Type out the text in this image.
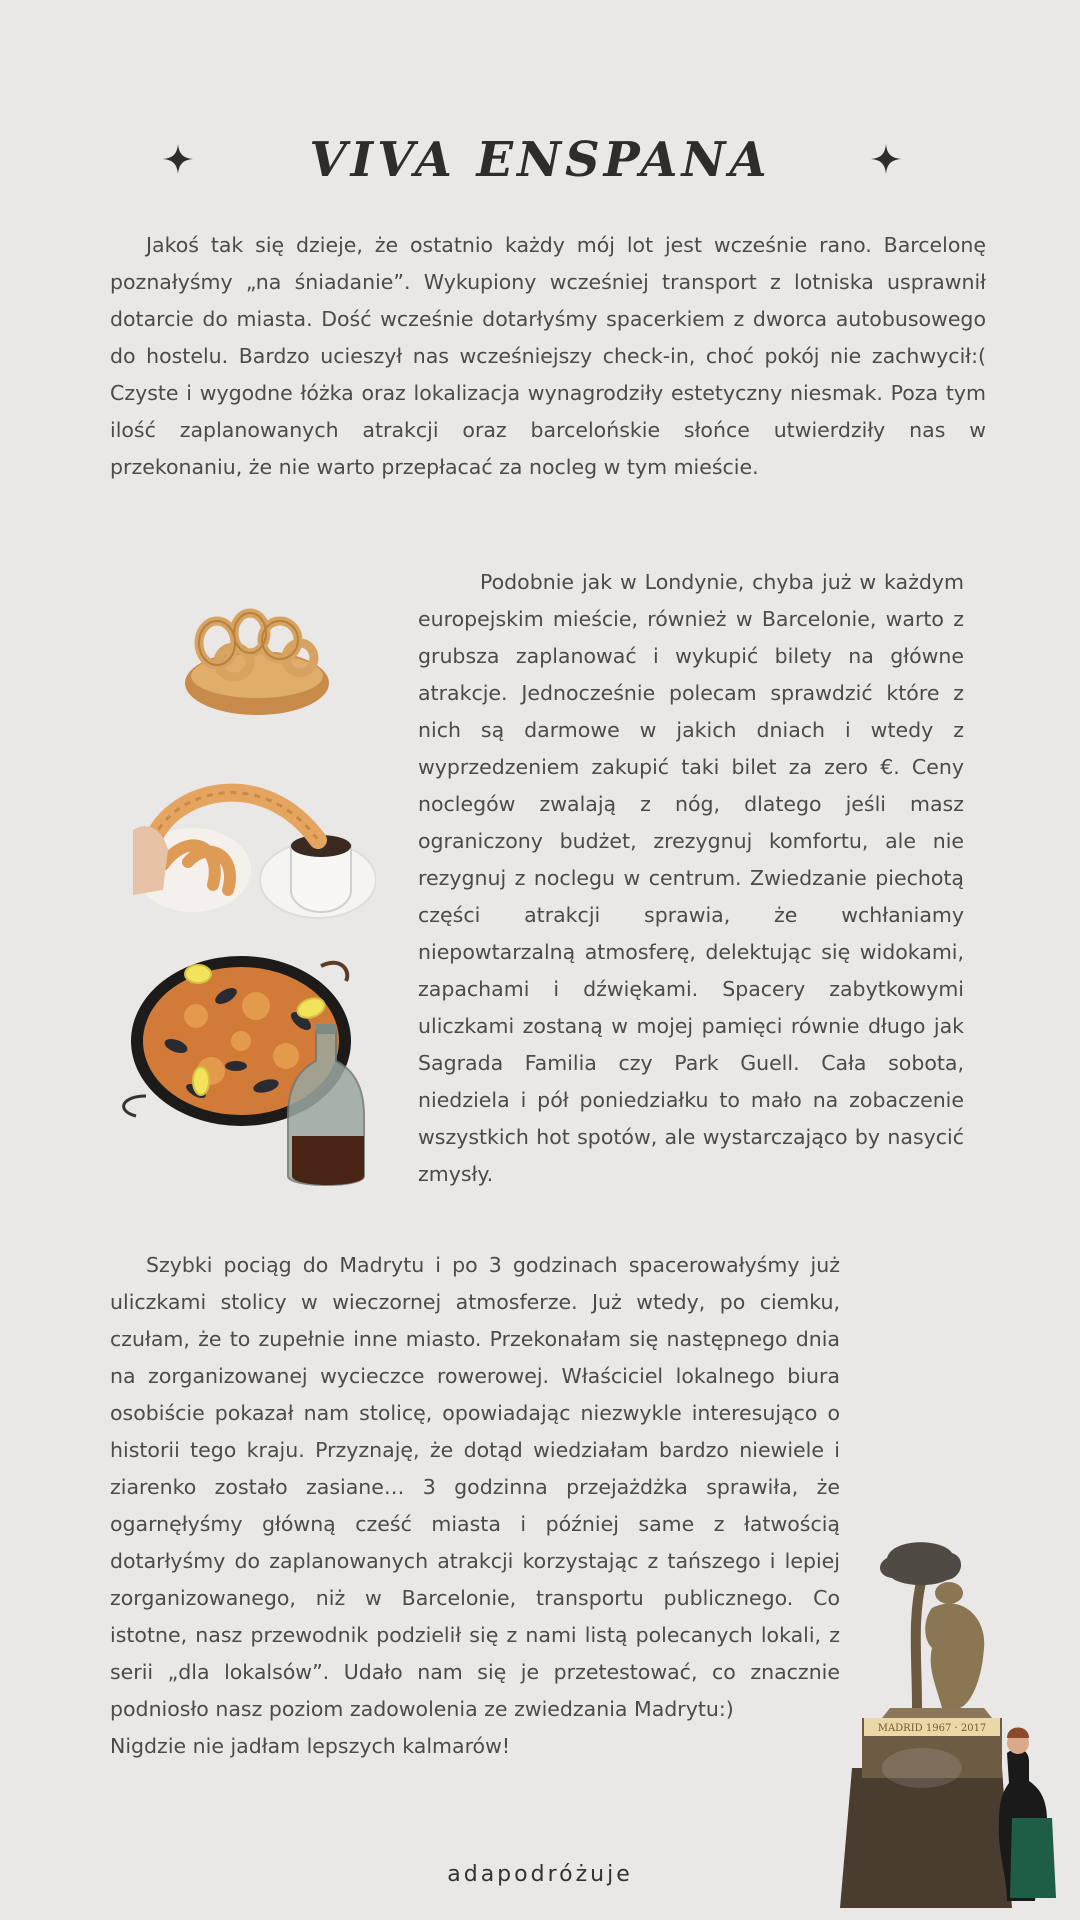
VIVA ENSPANA
Jakoś tak się dzieje, że ostatnio każdy mój lot jest wcześnie rano. Barcelonę poznałyśmy „na śniadanie”. Wykupiony wcześniej transport z lotniska usprawnił dotarcie do miasta. Dość wcześnie dotarłyśmy spacerkiem z dworca autobusowego do hostelu. Bardzo ucieszył nas wcześniejszy check-in, choć pokój nie zachwycił:( Czyste i wygodne łóżka oraz lokalizacja wynagrodziły estetyczny niesmak. Poza tym ilość zaplanowanych atrakcji oraz barcelońskie słońce utwierdziły nas w przekonaniu, że nie warto przepłacać za nocleg w tym mieście.
Podobnie jak w Londynie, chyba już w każdym europejskim mieście, również w Barcelonie, warto z grubsza zaplanować i wykupić bilety na główne atrakcje. Jednocześnie polecam sprawdzić które z nich są darmowe w jakich dniach i wtedy z wyprzedzeniem zakupić taki bilet za zero €. Ceny noclegów zwalają z nóg, dlatego jeśli masz ograniczony budżet, zrezygnuj komfortu, ale nie rezygnuj z noclegu w centrum. Zwiedzanie piechotą części atrakcji sprawia, że wchłaniamy niepowtarzalną atmosferę, delektując się widokami, zapachami i dźwiękami. Spacery zabytkowymi uliczkami zostaną w mojej pamięci równie długo jak Sagrada Familia czy Park Guell. Cała sobota, niedziela i pół poniedziałku to mało na zobaczenie wszystkich hot spotów, ale wystarczająco by nasycić zmysły.
Szybki pociąg do Madrytu i po 3 godzinach spacerowałyśmy już uliczkami stolicy w wieczornej atmosferze. Już wtedy, po ciemku, czułam, że to zupełnie inne miasto. Przekonałam się następnego dnia na zorganizowanej wycieczce rowerowej. Właściciel lokalnego biura osobiście pokazał nam stolicę, opowiadając niezwykle interesująco o historii tego kraju. Przyznaję, że dotąd wiedziałam bardzo niewiele i ziarenko zostało zasiane… 3 godzinna przejażdżka sprawiła, że ogarnęłyśmy główną cześć miasta i później same z łatwością dotarłyśmy do zaplanowanych atrakcji korzystając z tańszego i lepiej zorganizowanego, niż w Barcelonie, transportu publicznego. Co istotne, nasz przewodnik podzielił się z nami listą polecanych lokali, z serii „dla lokalsów”. Udało nam się je przetestować, co znacznie podniosło nasz poziom zadowolenia ze zwiedzania Madrytu:)
Nigdzie nie jadłam lepszych kalmarów!
MADRID 1967 · 2017
adapodróżuje
